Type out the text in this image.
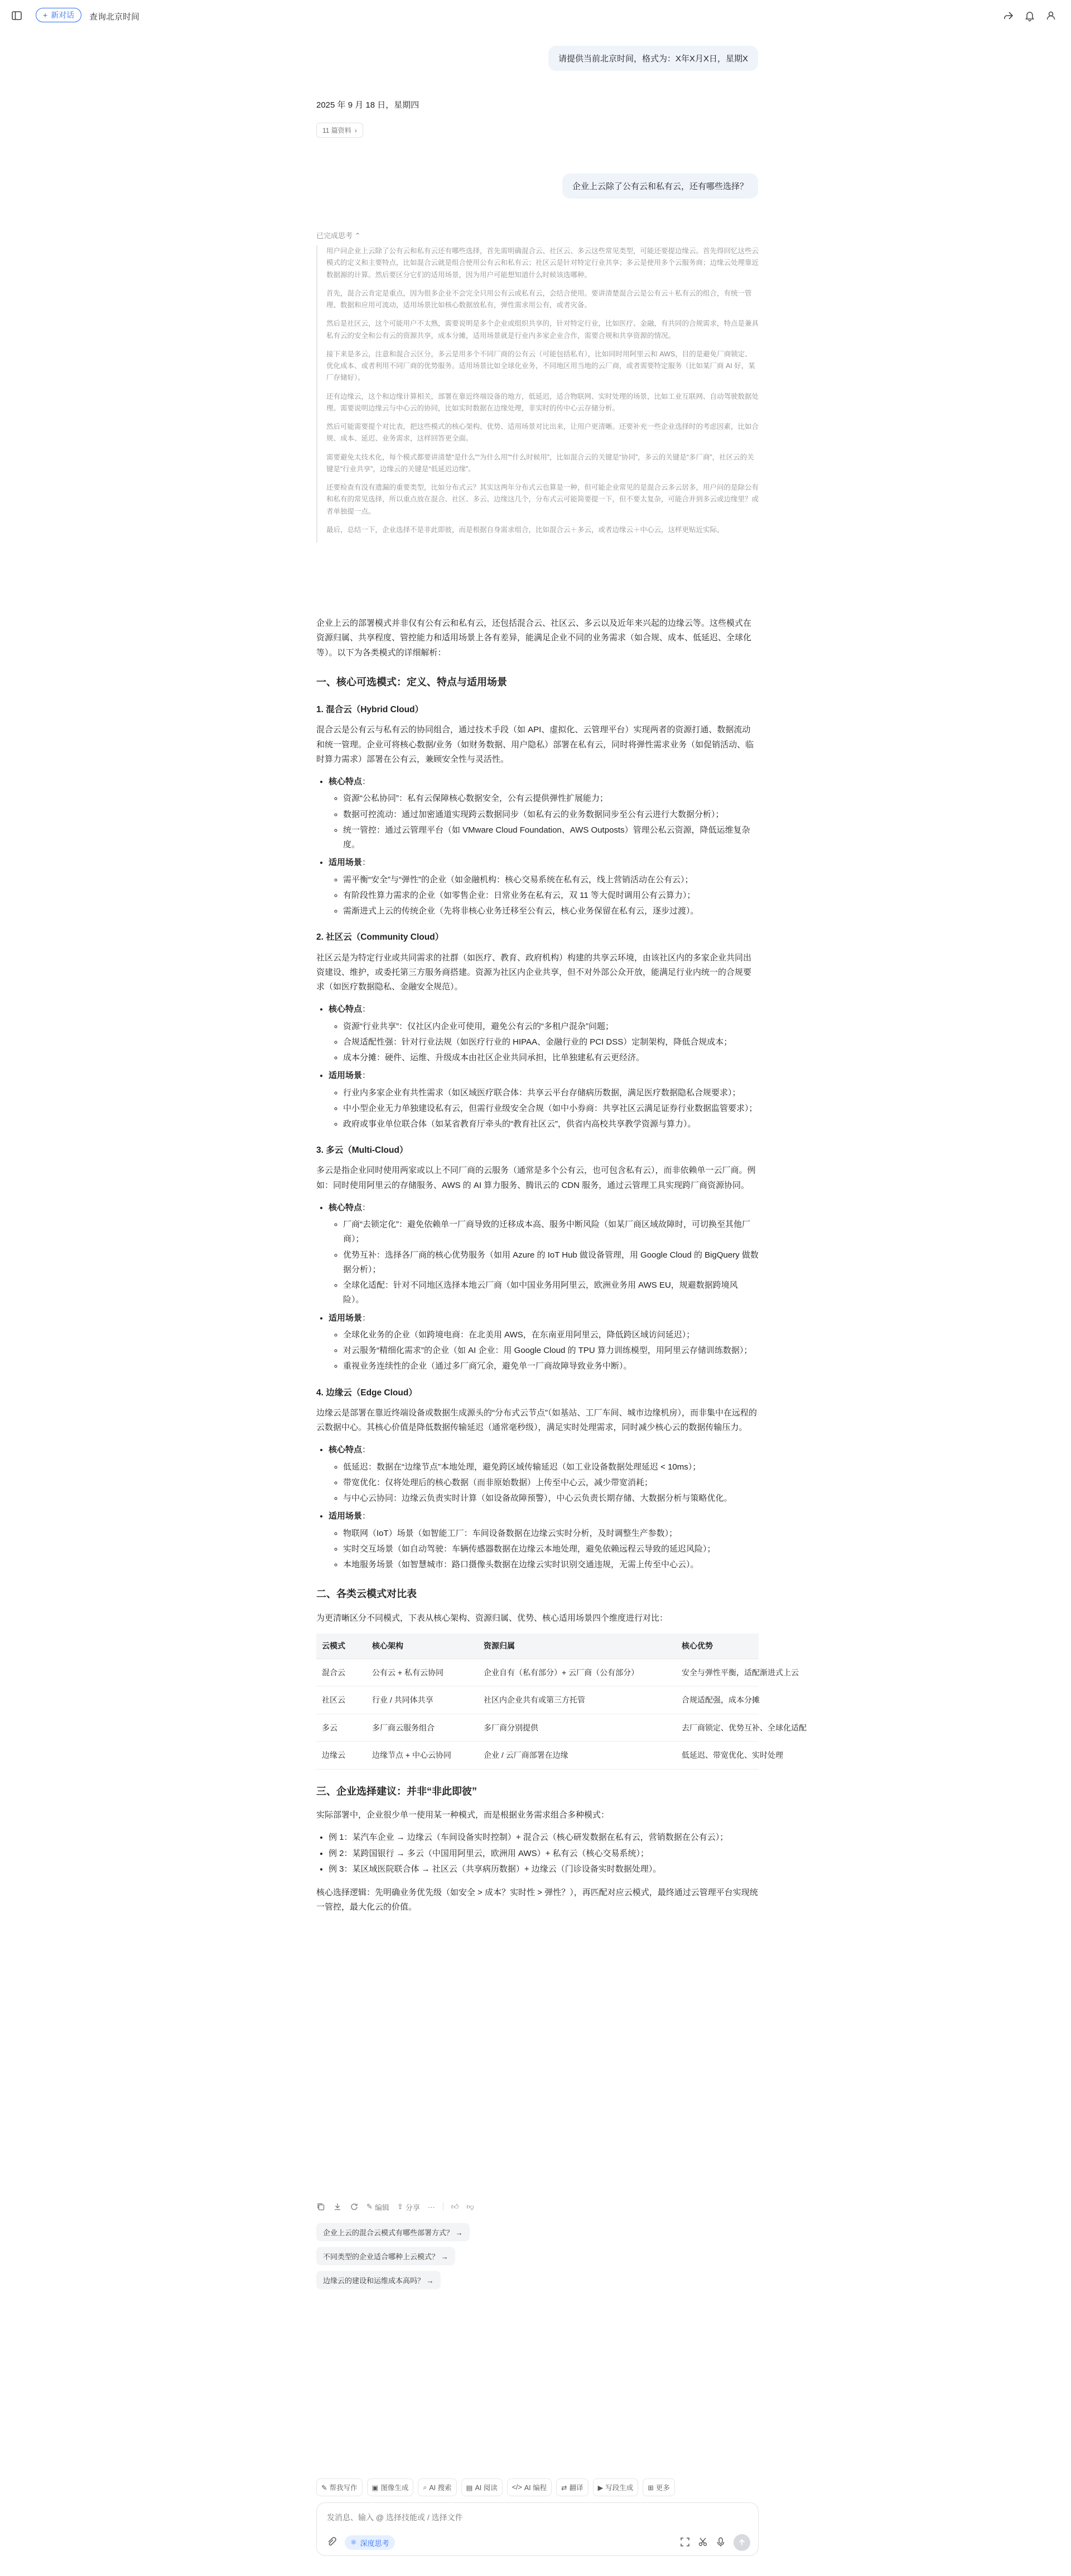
+ 新对话 查询北京时间
请提供当前北京时间，格式为：X年X月X日，星期X
2025 年 9 月 18 日，星期四
11 篇资料 ›
企业上云除了公有云和私有云，还有哪些选择？
已完成思考 ⌃

用户问企业上云除了公有云和私有云还有哪些选择，首先需明确混合云、社区云、多云这些常见类型，可能还要提边缘云。首先得回忆这些云模式的定义和主要特点，比如混合云就是组合使用公有云和私有云；社区云是针对特定行业共享；多云是使用多个云服务商；边缘云处理靠近数据源的计算。然后要区分它们的适用场景，因为用户可能想知道什么时候该选哪种。

首先，混合云肯定是重点，因为很多企业不会完全只用公有云或私有云，会结合使用。要讲清楚混合云是公有云＋私有云的组合，有统一管理、数据和应用可流动，适用场景比如核心数据放私有，弹性需求用公有，或者灾备。

然后是社区云，这个可能用户不太熟，需要说明是多个企业或组织共享的，针对特定行业，比如医疗、金融，有共同的合规需求，特点是兼具私有云的安全和公有云的资源共享，成本分摊，适用场景就是行业内多家企业合作，需要合规和共享资源的情况。

接下来是多云，注意和混合云区分，多云是用多个不同厂商的公有云（可能包括私有），比如同时用阿里云和 AWS，目的是避免厂商锁定、优化成本、或者利用不同厂商的优势服务。适用场景比如全球化业务，不同地区用当地的云厂商，或者需要特定服务（比如某厂商 AI 好，某厂存储好）。

还有边缘云，这个和边缘计算相关，部署在靠近终端设备的地方，低延迟，适合物联网、实时处理的场景，比如工业互联网、自动驾驶数据处理。需要说明边缘云与中心云的协同，比如实时数据在边缘处理，非实时的传中心云存储分析。

然后可能需要提个对比表，把这些模式的核心架构、优势、适用场景对比出来，让用户更清晰。还要补充一些企业选择时的考虑因素，比如合规、成本、延迟、业务需求，这样回答更全面。

需要避免太技术化，每个模式都要讲清楚“是什么”“为什么用”“什么时候用”，比如混合云的关键是“协同”，多云的关键是“多厂商”，社区云的关键是“行业共享”，边缘云的关键是“低延迟边缘”。

还要检查有没有遗漏的重要类型，比如分布式云？其实这两年分布式云也算是一种，但可能企业常见的是混合云多云居多，用户问的是除公有和私有的常见选择，所以重点放在混合、社区、多云、边缘这几个，分布式云可能简要提一下，但不要太复杂，可能合并到多云或边缘里？或者单独提一点。

最后，总结一下，企业选择不是非此即彼，而是根据自身需求组合，比如混合云＋多云，或者边缘云＋中心云，这样更贴近实际。

企业上云的部署模式并非仅有公有云和私有云，还包括混合云、社区云、多云以及近年来兴起的边缘云等。这些模式在资源归属、共享程度、管控能力和适用场景上各有差异，能满足企业不同的业务需求（如合规、成本、低延迟、全球化等）。以下为各类模式的详细解析：

一、核心可选模式：定义、特点与适用场景
1. 混合云（Hybrid Cloud）

混合云是公有云与私有云的协同组合，通过技术手段（如 API、虚拟化、云管理平台）实现两者的资源打通、数据流动和统一管理。企业可将核心数据/业务（如财务数据、用户隐私）部署在私有云，同时将弹性需求业务（如促销活动、临时算力需求）部署在公有云，兼顾安全性与灵活性。

• 核心特点：
◦ 资源“公私协同”：私有云保障核心数据安全，公有云提供弹性扩展能力；
◦ 数据可控流动：通过加密通道实现跨云数据同步（如私有云的业务数据同步至公有云进行大数据分析）；
◦ 统一管控：通过云管理平台（如 VMware Cloud Foundation、AWS Outposts）管理公私云资源，降低运维复杂度。
• 适用场景：
◦ 需平衡“安全”与“弹性”的企业（如金融机构：核心交易系统在私有云，线上营销活动在公有云）；
◦ 有阶段性算力需求的企业（如零售企业：日常业务在私有云，双 11 等大促时调用公有云算力）；
◦ 需渐进式上云的传统企业（先将非核心业务迁移至公有云，核心业务保留在私有云，逐步过渡）。
2. 社区云（Community Cloud）

社区云是为特定行业或共同需求的社群（如医疗、教育、政府机构）构建的共享云环境，由该社区内的多家企业共同出资建设、维护，或委托第三方服务商搭建。资源为社区内企业共享，但不对外部公众开放，能满足行业内统一的合规要求（如医疗数据隐私、金融安全规范）。

• 核心特点：
◦ 资源“行业共享”：仅社区内企业可使用，避免公有云的“多租户混杂”问题；
◦ 合规适配性强：针对行业法规（如医疗行业的 HIPAA、金融行业的 PCI DSS）定制架构，降低合规成本；
◦ 成本分摊：硬件、运维、升级成本由社区企业共同承担，比单独建私有云更经济。
• 适用场景：
◦ 行业内多家企业有共性需求（如区域医疗联合体：共享云平台存储病历数据，满足医疗数据隐私合规要求）；
◦ 中小型企业无力单独建设私有云，但需行业级安全合规（如中小券商：共享社区云满足证券行业数据监管要求）；
◦ 政府或事业单位联合体（如某省教育厅牵头的“教育社区云”，供省内高校共享教学资源与算力）。
3. 多云（Multi-Cloud）

多云是指企业同时使用两家或以上不同厂商的云服务（通常是多个公有云，也可包含私有云），而非依赖单一云厂商。例如：同时使用阿里云的存储服务、AWS 的 AI 算力服务、腾讯云的 CDN 服务，通过云管理工具实现跨厂商资源协同。

• 核心特点：
◦ 厂商“去锁定化”：避免依赖单一厂商导致的迁移成本高、服务中断风险（如某厂商区域故障时，可切换至其他厂商）；
◦ 优势互补：选择各厂商的核心优势服务（如用 Azure 的 IoT Hub 做设备管理，用 Google Cloud 的 BigQuery 做数据分析）；
◦ 全球化适配：针对不同地区选择本地云厂商（如中国业务用阿里云，欧洲业务用 AWS EU，规避数据跨境风险）。
• 适用场景：
◦ 全球化业务的企业（如跨境电商：在北美用 AWS，在东南亚用阿里云，降低跨区域访问延迟）；
◦ 对云服务“精细化需求”的企业（如 AI 企业：用 Google Cloud 的 TPU 算力训练模型，用阿里云存储训练数据）；
◦ 重视业务连续性的企业（通过多厂商冗余，避免单一厂商故障导致业务中断）。
4. 边缘云（Edge Cloud）

边缘云是部署在靠近终端设备或数据生成源头的“分布式云节点”（如基站、工厂车间、城市边缘机房），而非集中在远程的云数据中心。其核心价值是降低数据传输延迟（通常毫秒级），满足实时处理需求，同时减少核心云的数据传输压力。

• 核心特点：
◦ 低延迟：数据在“边缘节点”本地处理，避免跨区域传输延迟（如工业设备数据处理延迟 < 10ms）；
◦ 带宽优化：仅将处理后的核心数据（而非原始数据）上传至中心云，减少带宽消耗；
◦ 与中心云协同：边缘云负责实时计算（如设备故障预警），中心云负责长期存储、大数据分析与策略优化。
• 适用场景：
◦ 物联网（IoT）场景（如智能工厂：车间设备数据在边缘云实时分析，及时调整生产参数）；
◦ 实时交互场景（如自动驾驶：车辆传感器数据在边缘云本地处理，避免依赖远程云导致的延迟风险）；
◦ 本地服务场景（如智慧城市：路口摄像头数据在边缘云实时识别交通违规，无需上传至中心云）。
二、各类云模式对比表

为更清晰区分不同模式，下表从核心架构、资源归属、优势、核心适用场景四个维度进行对比：

云模式	核心架构	资源归属	核心优势
混合云	公有云 + 私有云协同	企业自有（私有部分）+ 云厂商（公有部分）	安全与弹性平衡，适配渐进式上云
社区云	行业 / 共同体共享	社区内企业共有或第三方托管	合规适配强，成本分摊
多云	多厂商云服务组合	多厂商分别提供	去厂商锁定、优势互补、全球化适配
边缘云	边缘节点 + 中心云协同	企业 / 云厂商部署在边缘	低延迟、带宽优化、实时处理
三、企业选择建议：并非“非此即彼”

实际部署中，企业很少单一使用某一种模式，而是根据业务需求组合多种模式：

• 例 1：某汽车企业 → 边缘云（车间设备实时控制）+ 混合云（核心研发数据在私有云，营销数据在公有云）；
• 例 2：某跨国银行 → 多云（中国用阿里云，欧洲用 AWS）+ 私有云（核心交易系统）；
• 例 3：某区域医院联合体 → 社区云（共享病历数据）+ 边缘云（门诊设备实时数据处理）。

核心选择逻辑：先明确业务优先级（如安全 > 成本？实时性 > 弹性？），再匹配对应云模式，最终通过云管理平台实现统一管控，最大化云的价值。

✎ 编辑 ⇪ 分享 ··· 👍︎ 👎︎
企业上云的混合云模式有哪些部署方式？ →
不同类型的企业适合哪种上云模式？ →
边缘云的建设和运维成本高吗？ →
✎ 帮我写作 ▣ 图像生成 ⌕ AI 搜索 ▤ AI 阅读 </> AI 编程 ⇄ 翻译 ▶ 写段生成 ⊞ 更多
发消息、输入 @ 选择技能或 / 选择文件
⚛ 深度思考
